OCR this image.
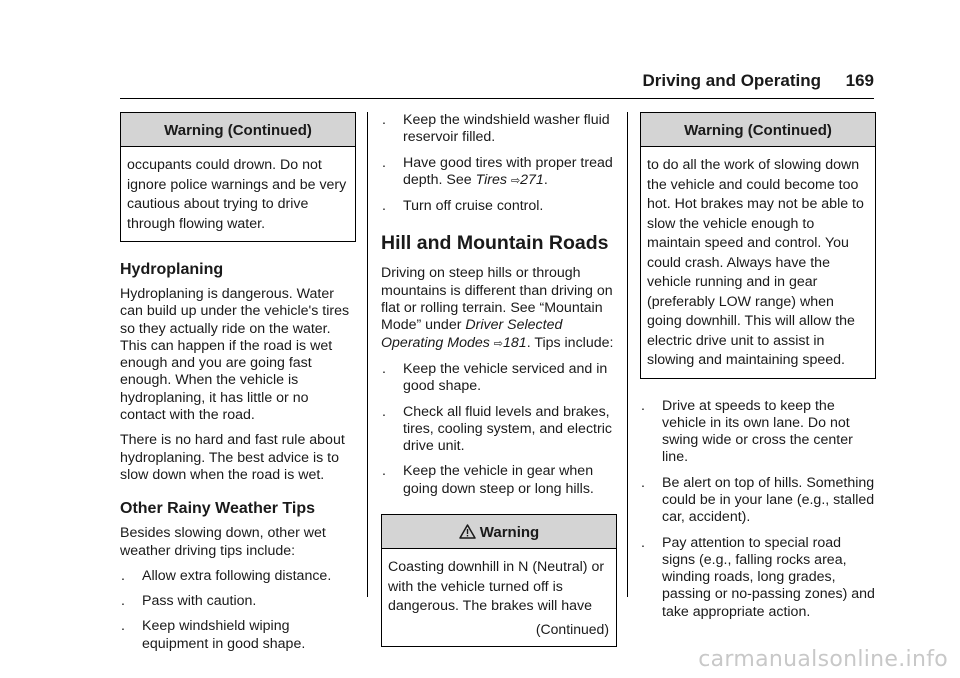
Driving and Operating 169
Warning (Continued)
occupants could drown. Do not ignore police warnings and be very cautious about trying to drive through flowing water.
Hydroplaning

Hydroplaning is dangerous. Water can build up under the vehicle's tires so they actually ride on the water. This can happen if the road is wet enough and you are going fast enough. When the vehicle is hydroplaning, it has little or no contact with the road.

There is no hard and fast rule about hydroplaning. The best advice is to slow down when the road is wet.

Other Rainy Weather Tips

Besides slowing down, other wet weather driving tips include:

. Allow extra following distance.
. Pass with caution.
. Keep windshield wiping equipment in good shape.
. Keep the windshield washer fluid reservoir filled.
. Have good tires with proper tread depth. See Tires ⇨271.
. Turn off cruise control.
Hill and Mountain Roads

Driving on steep hills or through mountains is different than driving on flat or rolling terrain. See “Mountain Mode” under Driver Selected Operating Modes ⇨181. Tips include:

. Keep the vehicle serviced and in good shape.
. Check all fluid levels and brakes, tires, cooling system, and electric drive unit.
. Keep the vehicle in gear when going down steep or long hills.
Warning
Coasting downhill in N (Neutral) or with the vehicle turned off is dangerous. The brakes will have
(Continued)
Warning (Continued)
to do all the work of slowing down the vehicle and could become too hot. Hot brakes may not be able to slow the vehicle enough to maintain speed and control. You could crash. Always have the vehicle running and in gear (preferably LOW range) when going downhill. This will allow the electric drive unit to assist in slowing and maintaining speed.
. Drive at speeds to keep the vehicle in its own lane. Do not swing wide or cross the center line.
. Be alert on top of hills. Something could be in your lane (e.g., stalled car, accident).
. Pay attention to special road signs (e.g., falling rocks area, winding roads, long grades, passing or no-passing zones) and take appropriate action.
carmanualsonline.info
